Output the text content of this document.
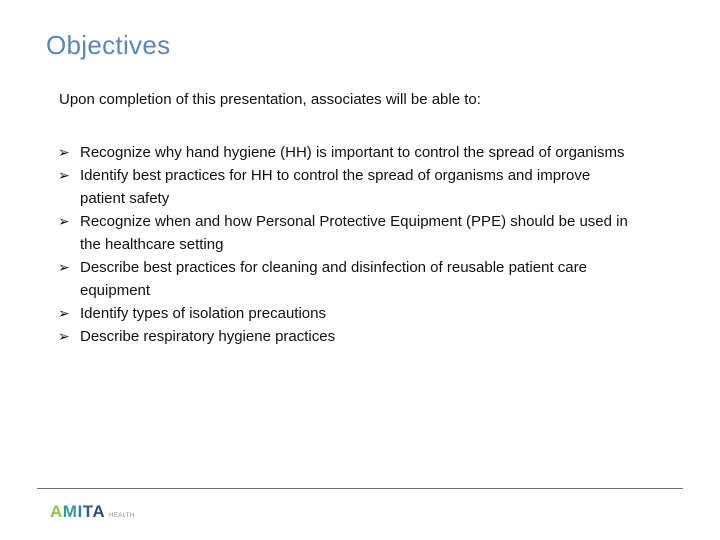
Objectives

Upon completion of this presentation, associates will be able to:

➢ Recognize why hand hygiene (HH) is important to control the spread of organisms
➢ Identify best practices for HH to control the spread of organisms and improve patient safety
➢ Recognize when and how Personal Protective Equipment (PPE) should be used in the healthcare setting
➢ Describe best practices for cleaning and disinfection of reusable patient care equipment
➢ Identify types of isolation precautions
➢ Describe respiratory hygiene practices
AMITA HEALTH
